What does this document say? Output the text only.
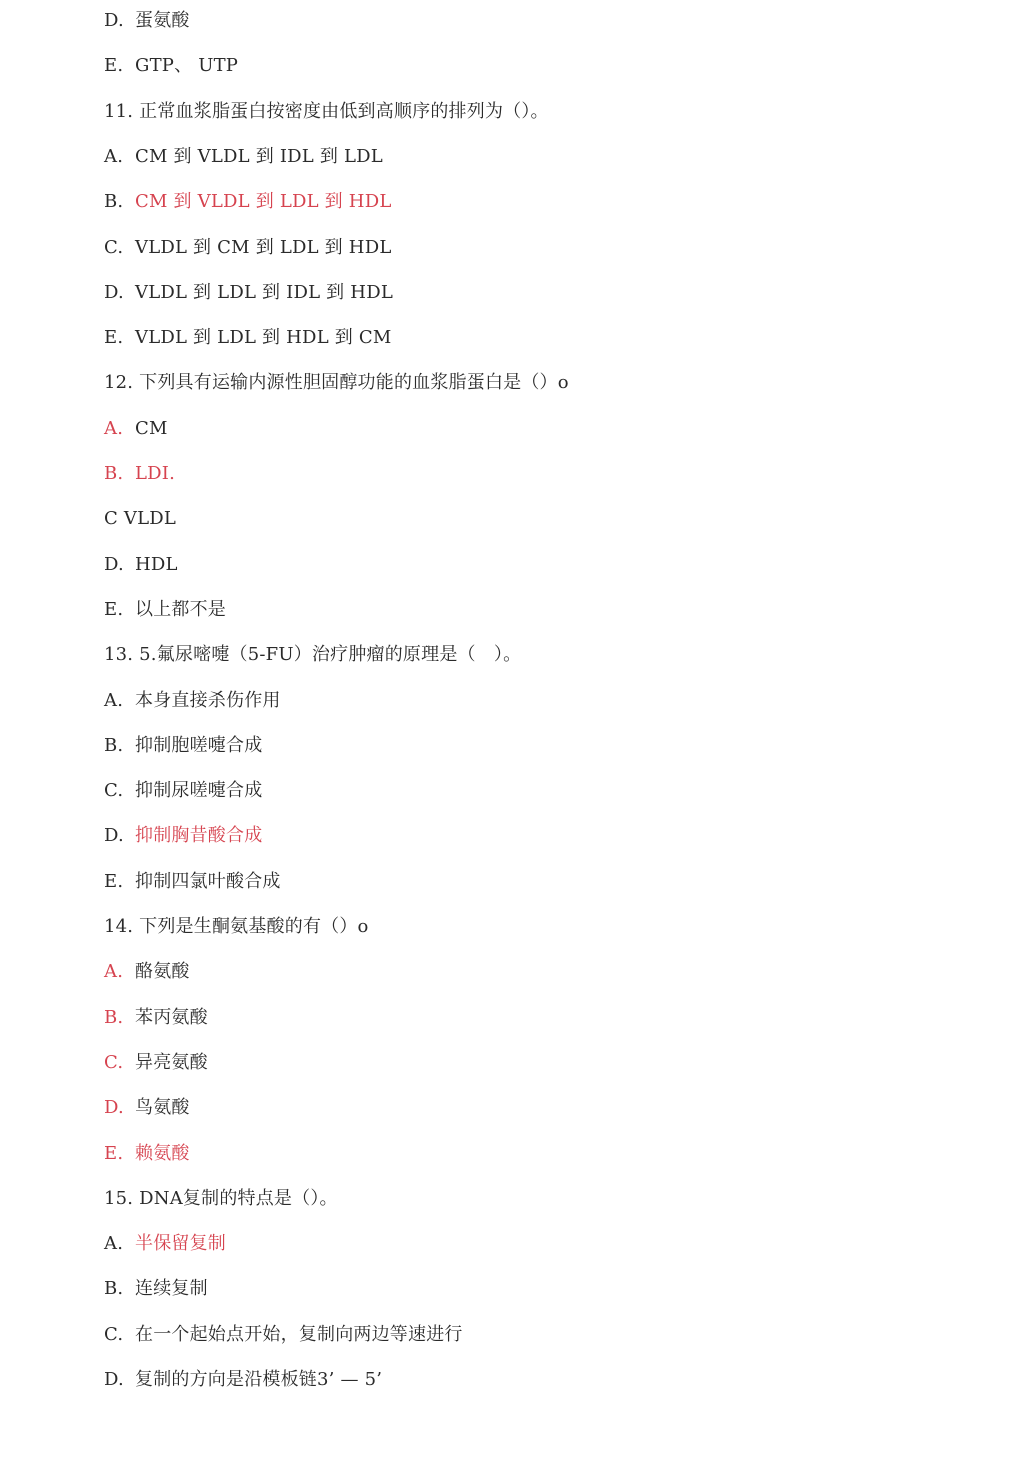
D. 蛋氨酸
E. GTP、 UTP
11. 正常血浆脂蛋白按密度由低到高顺序的排列为（）。
A. CM 到 VLDL 到 IDL 到 LDL
B. CM 到 VLDL 到 LDL 到 HDL
C. VLDL 到 CM 到 LDL 到 HDL
D. VLDL 到 LDL 到 IDL 到 HDL
E. VLDL 到 LDL 到 HDL 到 CM
12. 下列具有运输内源性胆固醇功能的血浆脂蛋白是（）o
A. CM
B. LDI.
C VLDL
D. HDL
E. 以上都不是
13. 5.氟尿嘧嚏（5-FU）治疗肿瘤的原理是（　）。
A. 本身直接杀伤作用
B. 抑制胞嗟嚏合成
C. 抑制尿嗟嚏合成
D. 抑制胸昔酸合成
E. 抑制四氯叶酸合成
14. 下列是生酮氨基酸的有（）o
A. 酪氨酸
B. 苯丙氨酸
C. 异亮氨酸
D. 鸟氨酸
E. 赖氨酸
15. DNA复制的特点是（）。
A. 半保留复制
B. 连续复制
C. 在一个起始点开始，复制向两边等速进行
D. 复制的方向是沿模板链3’ — 5’
